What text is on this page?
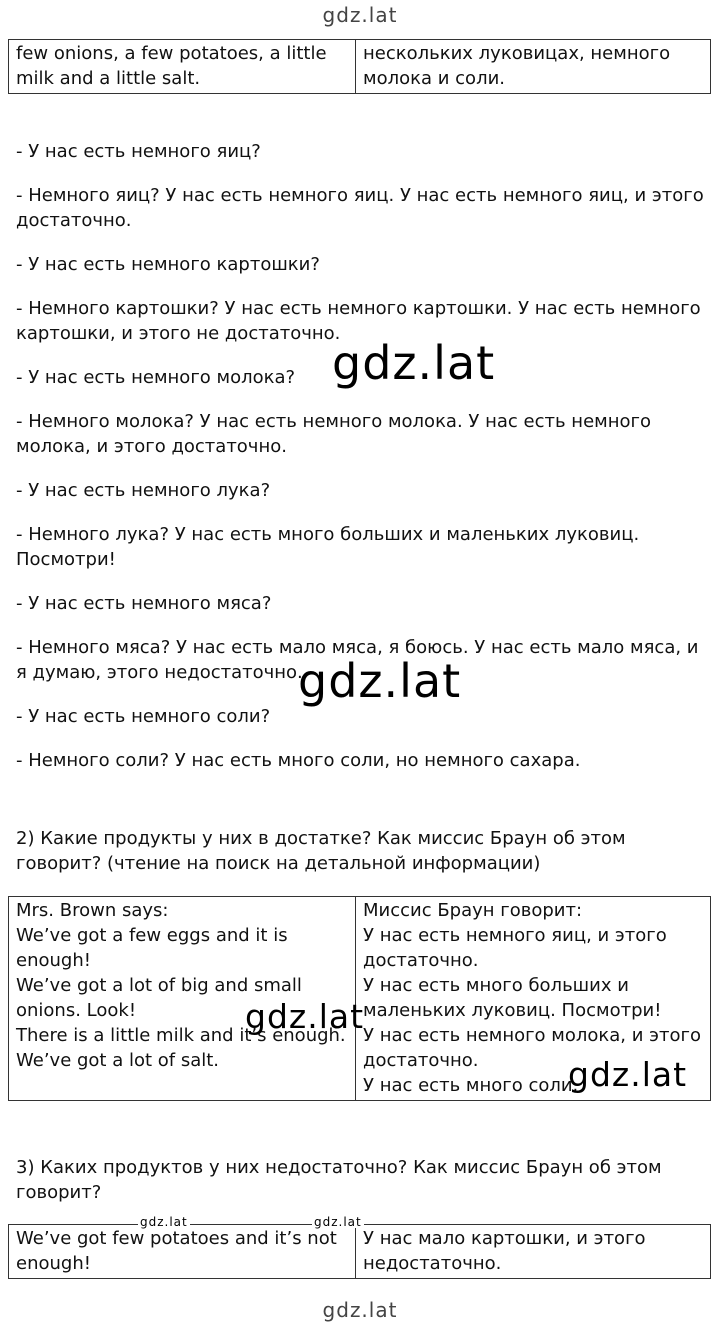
gdz.lat
few onions, a few potatoes, a little
milk and a little salt.

нескольких луковицах, немного
молока и соли.

- У нас есть немного яиц?

- Немного яиц? У нас есть немного яиц. У нас есть немного яиц, и этого достаточно.

- У нас есть немного картошки?

- Немного картошки? У нас есть немного картошки. У нас есть немного картошки, и этого не достаточно.

- У нас есть немного молока?

- Немного молока? У нас есть немного молока. У нас есть немного молока, и этого достаточно.

- У нас есть немного лука?

- Немного лука? У нас есть много больших и маленьких луковиц. Посмотри!

- У нас есть немного мяса?

- Немного мяса? У нас есть мало мяса, я боюсь. У нас есть мало мяса, и я думаю, этого недостаточно.

- У нас есть немного соли?

- Немного соли? У нас есть много соли, но немного сахара.

2) Какие продукты у них в достатке? Как миссис Браун об этом говорит? (чтение на поиск на детальной информации)

Mrs. Brown says:
We’ve got a few eggs and it is
enough!
We’ve got a lot of big and small
onions. Look!
There is a little milk and it’s enough.
We’ve got a lot of salt.

Миссис Браун говорит:
У нас есть немного яиц, и этого
достаточно.
У нас есть много больших и
маленьких луковиц. Посмотри!
У нас есть немного молока, и этого
достаточно.
У нас есть много соли.

3) Каких продуктов у них недостаточно? Как миссис Браун об этом говорит?

We’ve got few potatoes and it’s not
enough!

У нас мало картошки, и этого
недостаточно.
gdz.lat
gdz.lat
gdz.lat
gdz.lat
gdz.lat
gdz.lat	gdz.lat
